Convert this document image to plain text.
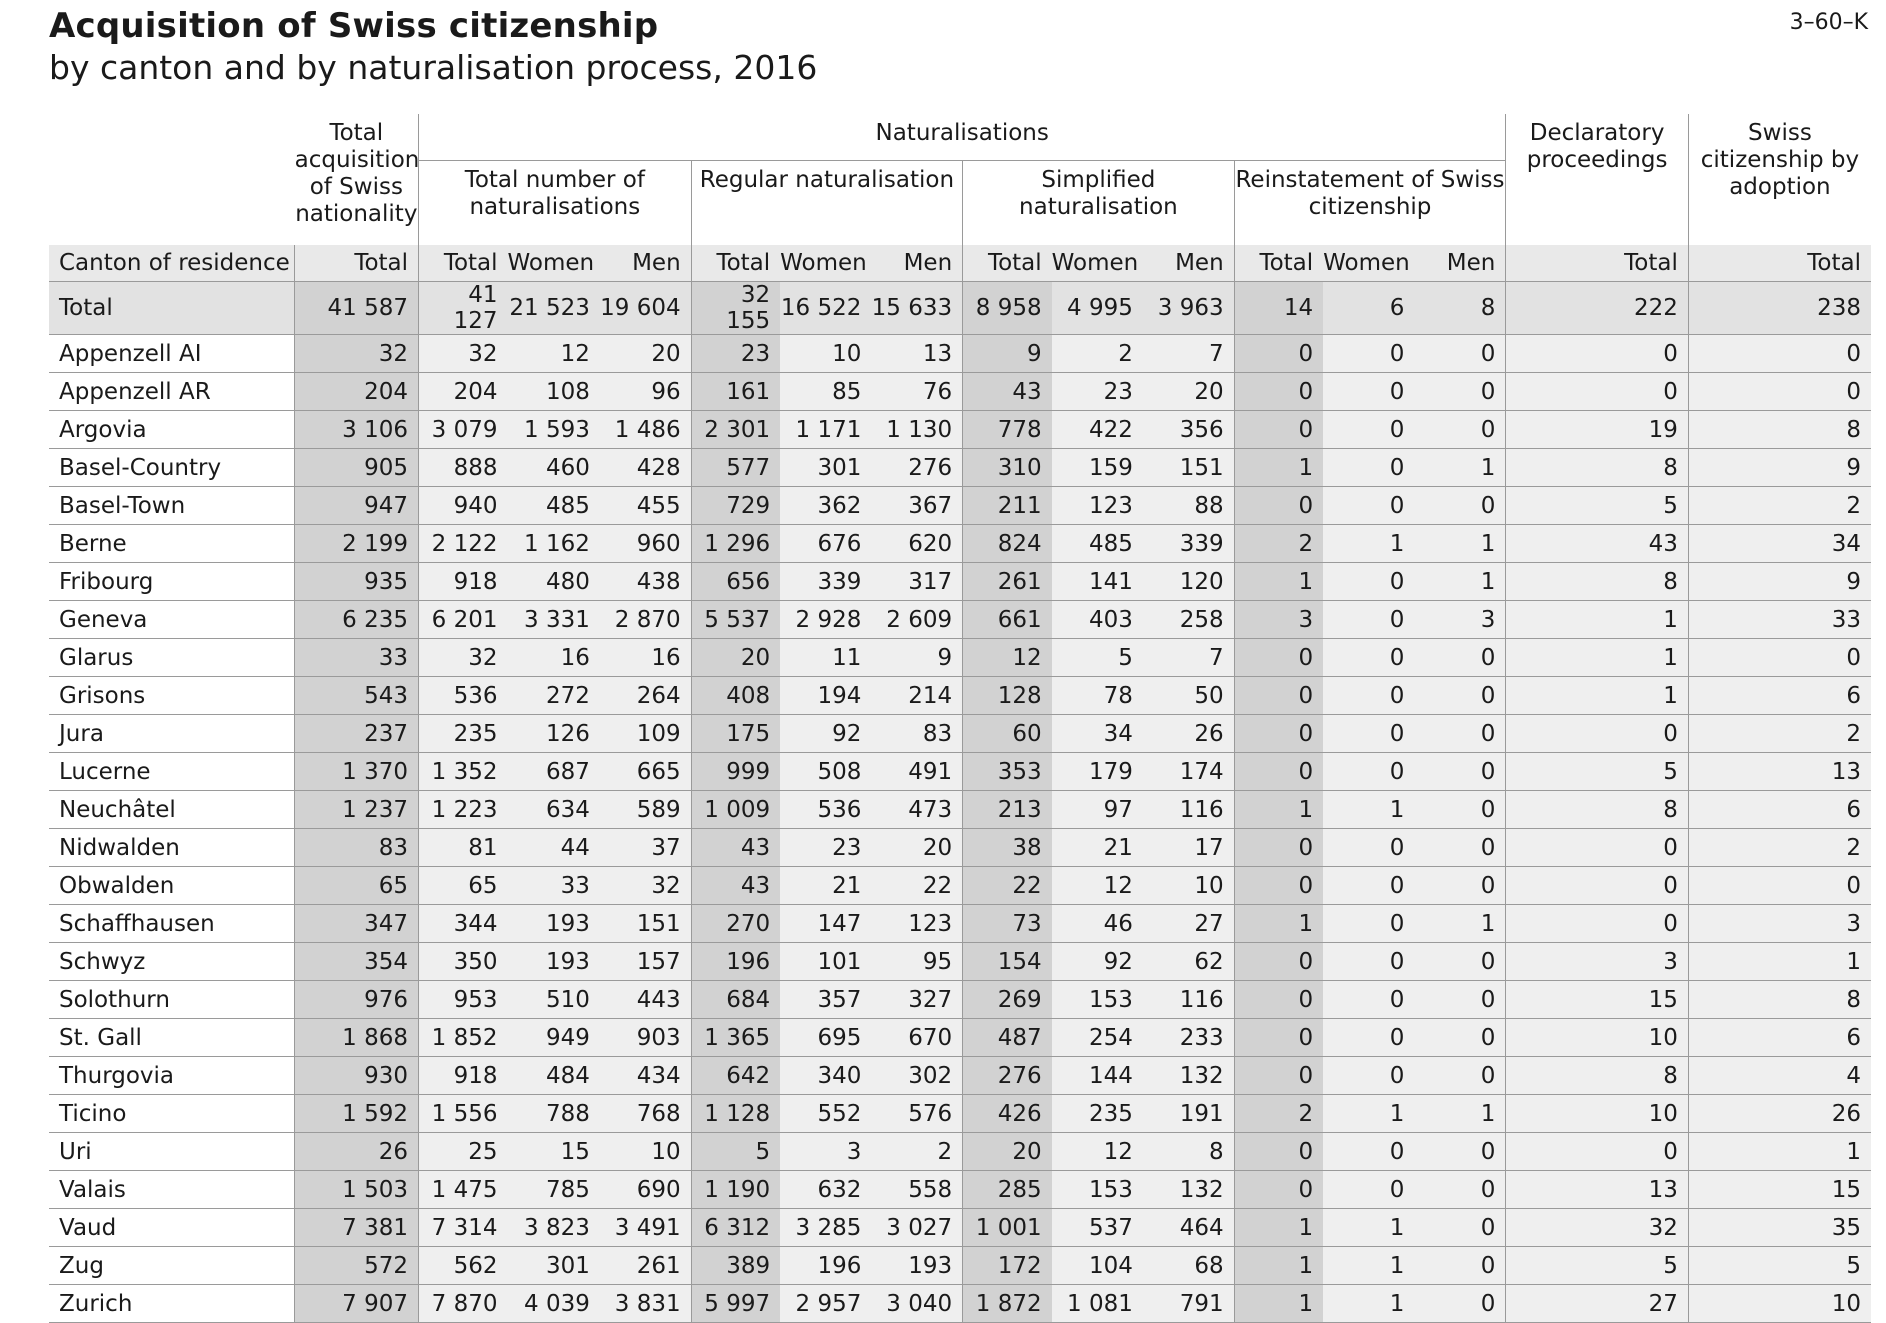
Acquisition of Swiss citizenship

by canton and by naturalisation process, 2016

3–60–K
	Total acquisition of Swiss nationality	Naturalisations												Declaratory proceedings	Swiss citizenship by adoption
		Total number of naturalisations			Regular naturalisation			Simplified naturalisation			Reinstatement of Swiss citizenship				
Canton of residence	Total	Total	Women	Men	Total	Women	Men	Total	Women	Men	Total	Women	Men	Total	Total
Total	41 587	41 127	21 523	19 604	32 155	16 522	15 633	8 958	4 995	3 963	14	6	8	222	238
Appenzell AI	32	32	12	20	23	10	13	9	2	7	0	0	0	0	0
Appenzell AR	204	204	108	96	161	85	76	43	23	20	0	0	0	0	0
Argovia	3 106	3 079	1 593	1 486	2 301	1 171	1 130	778	422	356	0	0	0	19	8
Basel-Country	905	888	460	428	577	301	276	310	159	151	1	0	1	8	9
Basel-Town	947	940	485	455	729	362	367	211	123	88	0	0	0	5	2
Berne	2 199	2 122	1 162	960	1 296	676	620	824	485	339	2	1	1	43	34
Fribourg	935	918	480	438	656	339	317	261	141	120	1	0	1	8	9
Geneva	6 235	6 201	3 331	2 870	5 537	2 928	2 609	661	403	258	3	0	3	1	33
Glarus	33	32	16	16	20	11	9	12	5	7	0	0	0	1	0
Grisons	543	536	272	264	408	194	214	128	78	50	0	0	0	1	6
Jura	237	235	126	109	175	92	83	60	34	26	0	0	0	0	2
Lucerne	1 370	1 352	687	665	999	508	491	353	179	174	0	0	0	5	13
Neuchâtel	1 237	1 223	634	589	1 009	536	473	213	97	116	1	1	0	8	6
Nidwalden	83	81	44	37	43	23	20	38	21	17	0	0	0	0	2
Obwalden	65	65	33	32	43	21	22	22	12	10	0	0	0	0	0
Schaffhausen	347	344	193	151	270	147	123	73	46	27	1	0	1	0	3
Schwyz	354	350	193	157	196	101	95	154	92	62	0	0	0	3	1
Solothurn	976	953	510	443	684	357	327	269	153	116	0	0	0	15	8
St. Gall	1 868	1 852	949	903	1 365	695	670	487	254	233	0	0	0	10	6
Thurgovia	930	918	484	434	642	340	302	276	144	132	0	0	0	8	4
Ticino	1 592	1 556	788	768	1 128	552	576	426	235	191	2	1	1	10	26
Uri	26	25	15	10	5	3	2	20	12	8	0	0	0	0	1
Valais	1 503	1 475	785	690	1 190	632	558	285	153	132	0	0	0	13	15
Vaud	7 381	7 314	3 823	3 491	6 312	3 285	3 027	1 001	537	464	1	1	0	32	35
Zug	572	562	301	261	389	196	193	172	104	68	1	1	0	5	5
Zurich	7 907	7 870	4 039	3 831	5 997	2 957	3 040	1 872	1 081	791	1	1	0	27	10
